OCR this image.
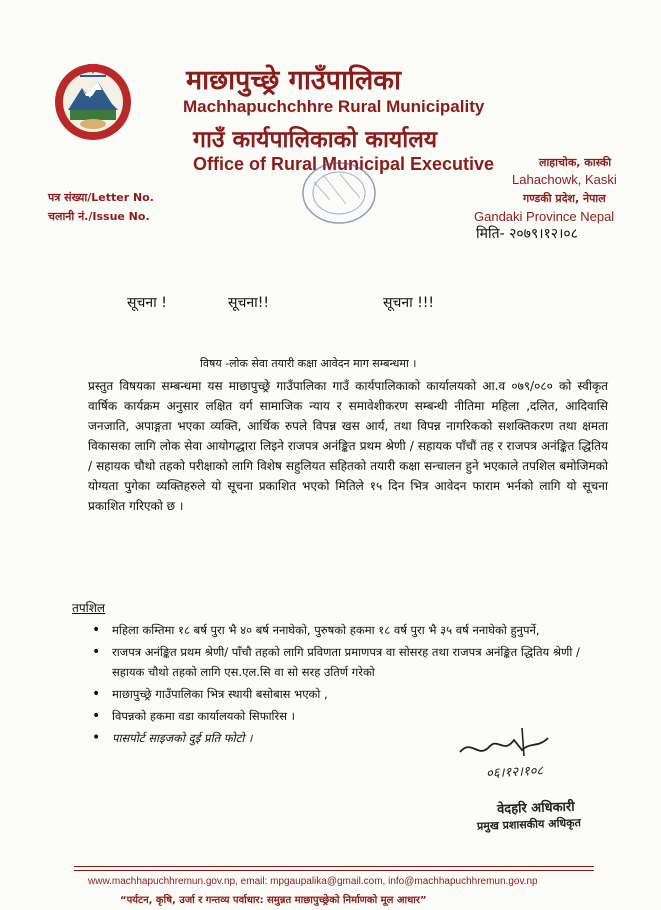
माछापुच्छ्रे गाउँपालिका
Machhapuchchhre Rural Municipality
गाउँ कार्यपालिकाको कार्यालय
Office of Rural Municipal Executive	लाहाचोक, कास्की
Lahachowk, Kaski
गण्डकी प्रदेश, नेपाल
Gandaki Province Nepal
मिति- २०७९।१२।०८
पत्र संख्या/Letter No.
चलानी नं./Issue No.
सूचना !	सूचना!!	सूचना !!!
विषय -लोक सेवा तयारी कक्षा आवेदन माग सम्बन्धमा ।
प्रस्तुत विषयका सम्बन्धमा यस माछापुच्छ्रे गाउँपालिका गाउँ कार्यपालिकाको कार्यालयको आ.व ०७९/०८० को स्वीकृत वार्षिक कार्यक्रम अनुसार लक्षित वर्ग सामाजिक न्याय र समावेशीकरण सम्बन्धी नीतिमा महिला ,दलित, आदिवासि जनजाति, अपाङ्गता भएका व्यक्ति, आर्थिक रुपले विपन्न खस आर्य, तथा विपन्न नागरिकको सशक्तिकरण तथा क्षमता विकासका लागि लोक सेवा आयोगद्धारा लिइने राजपत्र अनंङ्कित प्रथम श्रेणी / सहायक पाँचौं तह र राजपत्र अनंङ्कित द्धितिय / सहायक चौथो तहको परीक्षाको लागि विशेष सहुलियत सहितको तयारी कक्षा सन्चालन हुने भएकाले तपशिल बमोजिमको योग्यता पुगेका व्यक्तिहरुले यो सूचना प्रकाशित भएको मितिले १५ दिन भित्र आवेदन फाराम भर्नको लागि यो सूचना प्रकाशित गरिएको छ ।
तपशिल
• महिला कम्तिमा १८ बर्ष पुरा भै ४० बर्ष ननाघेको, पुरुषको हकमा १८ वर्ष पुरा भै ३५ वर्ष ननाघेको हुनुपर्ने,
• राजपत्र अनंङ्कित प्रथम श्रेणी/ पाँचौ तहको लागि प्रविणता प्रमाणपत्र वा सोसरह तथा राजपत्र अनंङ्कित द्धितिय श्रेणी / सहायक चौथो तहको लागि एस.एल.सि वा सो सरह उतिर्ण गरेको
• माछापुच्छ्रे गाउँपालिका भित्र स्थायी बसोबास भएको ,
• विपन्नको हकमा वडा कार्यालयको सिफारिस ।
• पासपोर्ट साइजको दुई प्रति फोटो ।
०६।१२।१०८
वेदहरि अधिकारी
प्रमुख प्रशासकीय अधिकृत
www.machhapuchhremun.gov.np, email: mpgaupalika@gmail.com, info@machhapuchhremun.gov.np
“पर्यटन, कृषि, उर्जा र गन्तव्य पर्वाधार: समुन्नत माछापुच्छ्रेको निर्माणको मूल आधार”
